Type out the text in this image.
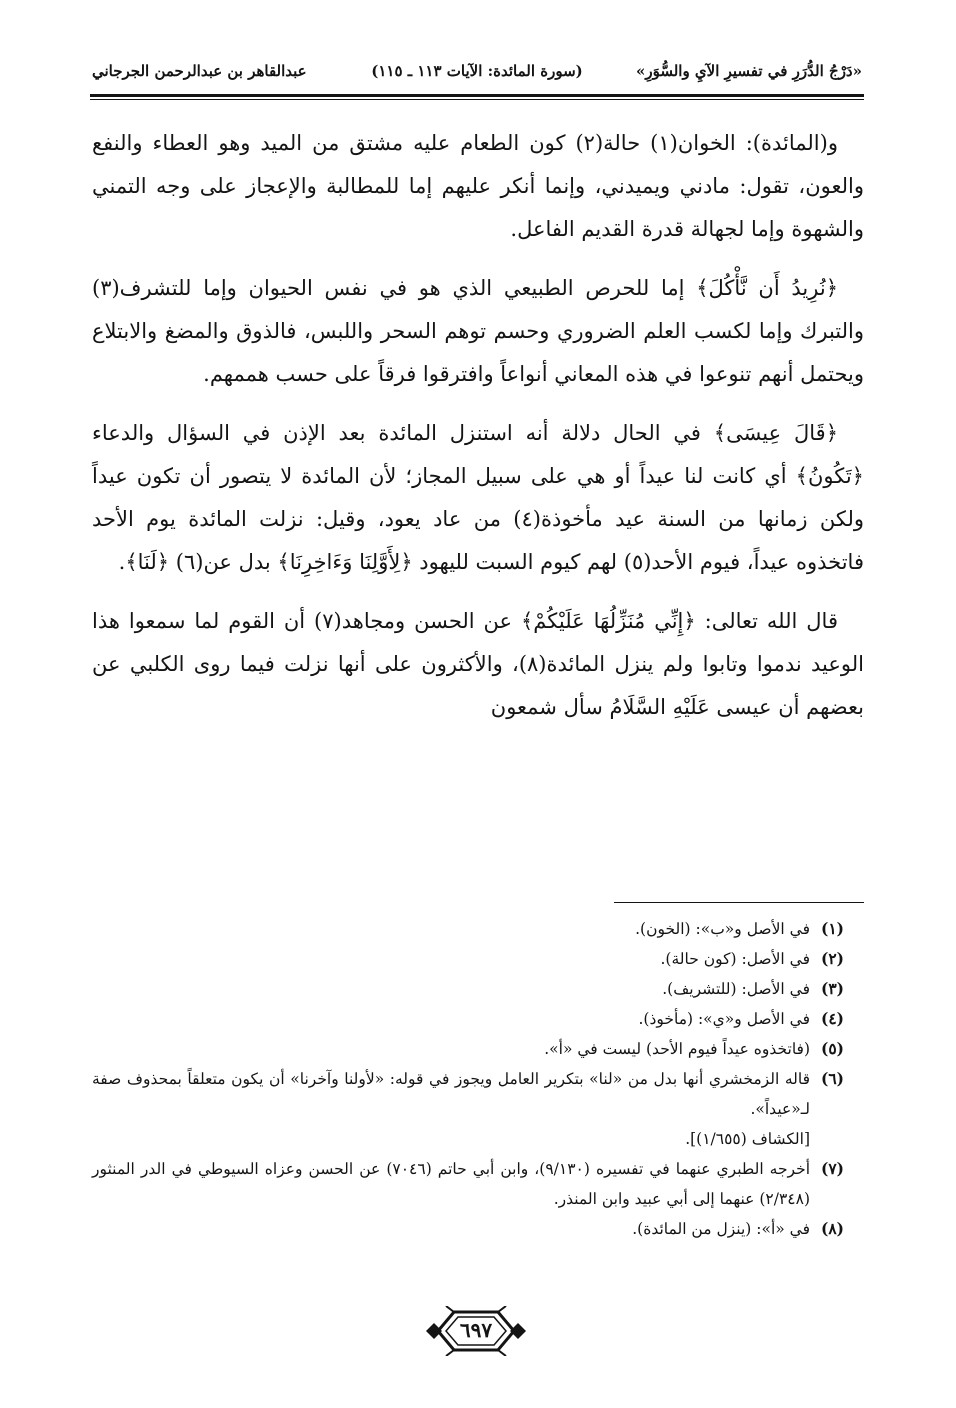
«دَرْجُ الدُّرَرِ في تفسيرِ الآيِ والسُّوَرِ»
(سورة المائدة: الآيات ١١٣ ـ ١١٥)
عبدالقاهر بن عبدالرحمن الجرجاني

و(المائدة): الخوان(١) حالة(٢) كون الطعام عليه مشتق من الميد وهو العطاء والنفع والعون، تقول: مادني ويميدني، وإنما أنكر عليهم إما للمطالبة والإعجاز على وجه التمني والشهوة وإما لجهالة قدرة القديم الفاعل.

﴿نُرِيدُ أَن نَّأْكُلَ﴾ إما للحرص الطبيعي الذي هو في نفس الحيوان وإما للتشرف(٣) والتبرك وإما لكسب العلم الضروري وحسم توهم السحر واللبس، فالذوق والمضغ والابتلاع ويحتمل أنهم تنوعوا في هذه المعاني أنواعاً وافترقوا فرقاً على حسب هممهم.

﴿قَالَ عِيسَى﴾ في الحال دلالة أنه استنزل المائدة بعد الإذن في السؤال والدعاء ﴿تَكُونُ﴾ أي كانت لنا عيداً أو هي على سبيل المجاز؛ لأن المائدة لا يتصور أن تكون عيداً ولكن زمانها من السنة عيد مأخوذة(٤) من عاد يعود، وقيل: نزلت المائدة يوم الأحد فاتخذوه عيداً، فيوم الأحد(٥) لهم كيوم السبت لليهود ﴿لِأَوَّلِنَا وَءَاخِرِنَا﴾ بدل عن(٦) ﴿لَنَا﴾.

قال الله تعالى: ﴿إِنِّي مُنَزِّلُهَا عَلَيْكُمْ﴾ عن الحسن ومجاهد(٧) أن القوم لما سمعوا هذا الوعيد ندموا وتابوا ولم ينزل المائدة(٨)، والأكثرون على أنها نزلت فيما روى الكلبي عن بعضهم أن عيسى عَلَيْهِ السَّلَامُ سأل شمعون

(١)
في الأصل و«ب»: (الخون).
(٢)
في الأصل: (كون حالة).
(٣)
في الأصل: (للتشريف).
(٤)
في الأصل و«ي»: (مأخوذ).
(٥)
(فاتخذوه عيداً فيوم الأحد) ليست في «أ».
(٦)
قاله الزمخشري أنها بدل من «لنا» بتكرير العامل ويجوز في قوله: «لأولنا وآخرنا» أن يكون متعلقاً بمحذوف صفة لـ«عيداً».
[الكشاف (١/٦٥٥)].
(٧)
أخرجه الطبري عنهما في تفسيره (٩/١٣٠)، وابن أبي حاتم (٧٠٤٦) عن الحسن وعزاه السيوطي في الدر المنثور (٢/٣٤٨) عنهما إلى أبي عبيد وابن المنذر.
(٨)
في «أ»: (ينزل من المائدة).
٦٩٧
